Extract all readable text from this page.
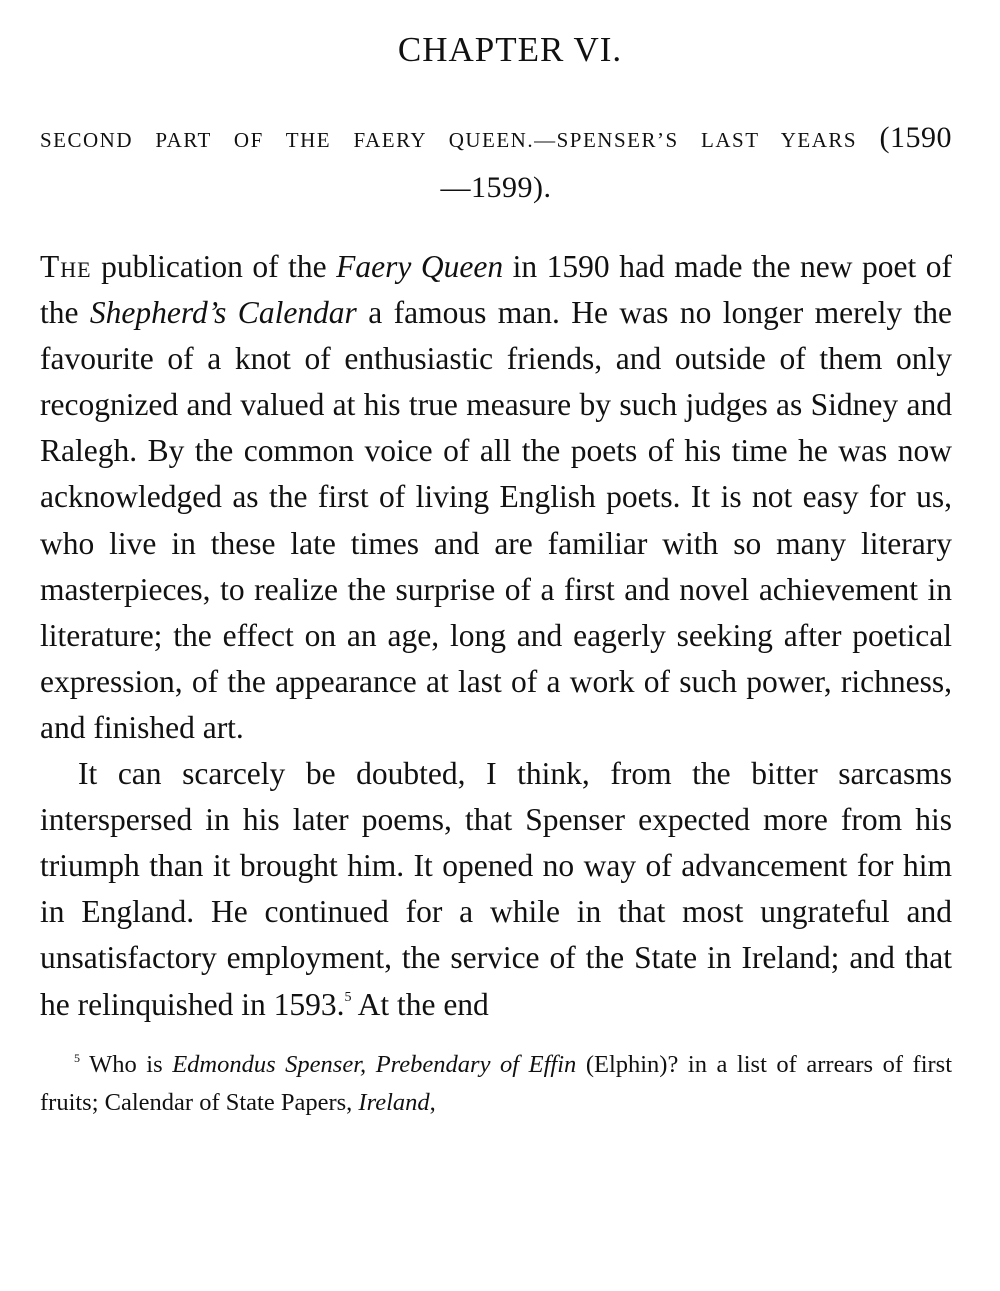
CHAPTER VI.
SECOND PART OF THE FAERY QUEEN.—SPENSER’S LAST YEARS (1590—1599).

The publication of the Faery Queen in 1590 had made the new poet of the Shepherd’s Calendar a famous man. He was no longer merely the favourite of a knot of enthusiastic friends, and outside of them only recognized and valued at his true measure by such judges as Sidney and Ralegh. By the common voice of all the poets of his time he was now acknowledged as the first of living English poets. It is not easy for us, who live in these late times and are familiar with so many literary masterpieces, to realize the surprise of a first and novel achievement in literature; the effect on an age, long and eagerly seeking after poetical expression, of the appearance at last of a work of such power, richness, and finished art.

It can scarcely be doubted, I think, from the bitter sarcasms interspersed in his later poems, that Spenser expected more from his triumph than it brought him. It opened no way of advancement for him in England. He continued for a while in that most ungrateful and unsatisfactory employment, the service of the State in Ireland; and that he relinquished in 1593.$^5$ At the end

$^5$ Who is Edmondus Spenser, Prebendary of Effin (Elphin)? in a list of arrears of first fruits; Calendar of State Papers, Ireland,
